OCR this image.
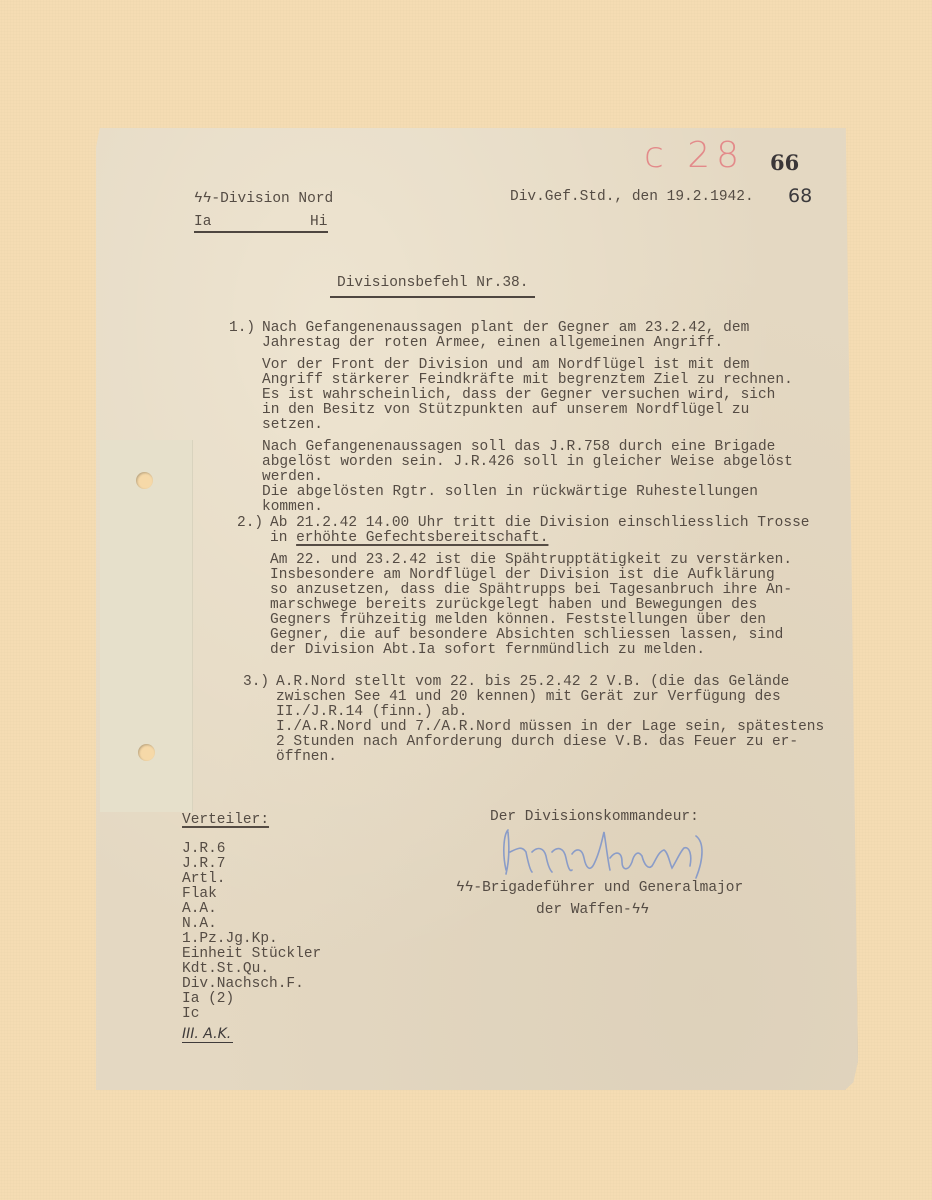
c 28 66
68
ϟϟ-Division Nord
Ia	Hi
Div.Gef.Std., den 19.2.1942.
Divisionsbefehl Nr.38.
1.) Nach Gefangenenaussagen plant der Gegner am 23.2.42, dem
Jahrestag der roten Armee, einen allgemeinen Angriff.
Vor der Front der Division und am Nordflügel ist mit dem
Angriff stärkerer Feindkräfte mit begrenztem Ziel zu rechnen.
Es ist wahrscheinlich, dass der Gegner versuchen wird, sich
in den Besitz von Stützpunkten auf unserem Nordflügel zu
setzen.
Nach Gefangenenaussagen soll das J.R.758 durch eine Brigade
abgelöst worden sein. J.R.426 soll in gleicher Weise abgelöst
werden.
Die abgelösten Rgtr. sollen in rückwärtige Ruhestellungen
kommen.
2.) Ab 21.2.42 14.00 Uhr tritt die Division einschliesslich Trosse
in erhöhte Gefechtsbereitschaft.
Am 22. und 23.2.42 ist die Spähtrupptätigkeit zu verstärken.
Insbesondere am Nordflügel der Division ist die Aufklärung
so anzusetzen, dass die Spähtrupps bei Tagesanbruch ihre An-
marschwege bereits zurückgelegt haben und Bewegungen des
Gegners frühzeitig melden können. Feststellungen über den
Gegner, die auf besondere Absichten schliessen lassen, sind
der Division Abt.Ia sofort fernmündlich zu melden.
3.) A.R.Nord stellt vom 22. bis 25.2.42 2 V.B. (die das Gelände
zwischen See 41 und 20 kennen) mit Gerät zur Verfügung des
II./J.R.14 (finn.) ab.
I./A.R.Nord und 7./A.R.Nord müssen in der Lage sein, spätestens
2 Stunden nach Anforderung durch diese V.B. das Feuer zu er-
öffnen.
Verteiler:
J.R.6
J.R.7
Artl.
Flak
A.A.
N.A.
1.Pz.Jg.Kp.
Einheit Stückler
Kdt.St.Qu.
Div.Nachsch.F.
Ia (2)
Ic
III. A.K.
Der Divisionskommandeur:
ϟϟ-Brigadeführer und Generalmajor
der Waffen-ϟϟ
